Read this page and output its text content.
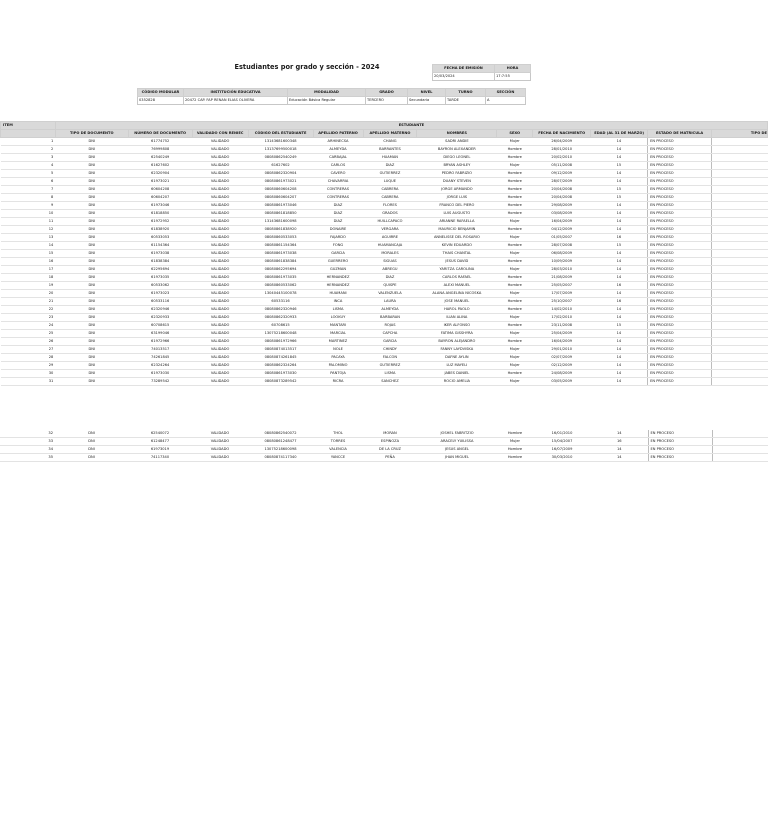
Estudiantes por grado y sección - 2024	FECHA DE EMISIÓN	HORA
20/03/2024	17:7:55
CÓDIGO MODULAR	INSTITUCIÓN EDUCATIVA	MODALIDAD	GRADO	NIVEL	TURNO	SECCIÓN
0352828	20472 CAP. FAP RENAN ELIAS OLIVERA	Educación Básica Regular	TERCERO	Secundaria	TARDE	A
ITEM	ESTUDIANTE											
	TIPO DE DOCUMENTO	NÚMERO DE DOCUMENTO	VALIDADO CON RENIEC	CÓDIGO DEL ESTUDIANTE	APELLIDO PATERNO	APELLIDO MATERNO	NOMBRES	SEXO	FECHA DE NACIMIENTO	EDAD (AL 31 DE MARZO)	ESTADO DE MATRICULA	TIPO DE
1	DNI	61774752	VALIDADO	13143681600348	ARHINECSA	CHANG	SADRI ANDIE	Mujer	26/04/2009	14	EN PROCESO	
2	DNI	76999808	VALIDADO	13137699500018	ALMEYDA	BARRANTES	BAYRON ALEXANDER	Hombre	28/01/2010	14	EN PROCESO	
3	DNI	62540249	VALIDADO	08080862540249	CARBAJAL	HUAMAN	DIEGO LEONEL	Hombre	20/02/2010	14	EN PROCESO	
4	DNI	61627602	VALIDADO	61627602	CARLOS	DIAZ	BRYAN ASHLEY	Mujer	05/11/2008	15	EN PROCESO	
5	DNI	62320904	VALIDADO	08080862320904	CAVERO	GUTIERREZ	PEDRO FABRIZIO	Hombre	09/12/2009	14	EN PROCESO	
6	DNI	61973021	VALIDADO	08080861973021	CHAVARRIA	LUQUE	DUANY STEVEN	Hombre	28/07/2009	14	EN PROCESO	
7	DNI	60604208	VALIDADO	08080860604208	CONTRERAS	CABRERA	JORGE ARMANDO	Hombre	20/04/2008	15	EN PROCESO	
8	DNI	60604207	VALIDADO	08080860604207	CONTRERAS	CABRERA	JORGE LUIS	Hombre	20/04/2008	15	EN PROCESO	
9	DNI	61973046	VALIDADO	08080861973046	DIAZ	FLORES	FRANCO DEL PIERO	Hombre	29/08/2009	14	EN PROCESO	
10	DNI	61818850	VALIDADO	08080861818850	DIAZ	GRADOS	LUIS AUGUSTO	Hombre	03/08/2009	14	EN PROCESO	
11	DNI	61972952	VALIDADO	13143681600098	DIAZ	HUILLCAPACO	ARIANNE RAFAELLA	Mujer	16/04/2009	14	EN PROCESO	
12	DNI	61838920	VALIDADO	08080861838920	DONAIRE	VERGARA	MAURICIO BENJAMIN	Hombre	04/12/2009	14	EN PROCESO	
13	DNI	60533053	VALIDADO	08080860533053	FAJARDO	AGUIRRE	ANNELISSE DEL ROSARIO	Mujer	01/05/2007	16	EN PROCESO	
14	DNI	61154364	VALIDADO	08080861154364	FONG	HUAMANCAJA	KEVIN EDUARDO	Hombre	28/07/2008	15	EN PROCESO	
15	DNI	61973038	VALIDADO	08080861973038	GARCIA	MORALES	THAIS CHANTAL	Mujer	06/08/2009	14	EN PROCESO	
16	DNI	61838384	VALIDADO	08080861838384	GUERRERO	SIGUAS	JESUS DAVID	Hombre	10/09/2009	14	EN PROCESO	
17	DNI	62295694	VALIDADO	08080862295694	GUZMAN	ABREGU	YARITZA CAROLINA	Mujer	28/03/2010	14	EN PROCESO	
18	DNI	61973035	VALIDADO	08080861973035	HERNANDEZ	DIAZ	CARLOS RAFAEL	Hombre	21/08/2009	14	EN PROCESO	
19	DNI	60533062	VALIDADO	08080860533062	HERNANDEZ	QUISPE	ALEXI MANUEL	Hombre	25/05/2007	16	EN PROCESO	
20	DNI	61973023	VALIDADO	13040445100078	HUAMANI	VALENZUELA	ALANA ANGELINA NICOSKA	Mujer	17/07/2009	14	EN PROCESO	
21	DNI	60533116	VALIDADO	60533116	INCA	LAURA	JOSE MANUEL	Hombre	25/10/2007	16	EN PROCESO	
22	DNI	62320946	VALIDADO	08080862320946	LISMA	ALMEYDA	HAROL PAOLO	Hombre	14/02/2010	14	EN PROCESO	
23	DNI	62320933	VALIDADO	08080862320933	LOOKUY	BARBARAN	ILIAN ALINA	Mujer	17/02/2010	14	EN PROCESO	
24	DNI	60708615	VALIDADO	60708615	MANTARI	ROJAS	IKER ALFONSO	Hombre	23/11/2008	15	EN PROCESO	
25	DNI	63199046	VALIDADO	13075218600048	MARCIAL	CAPCHA	FATIMA GISSHYRA	Mujer	25/04/2009	14	EN PROCESO	
26	DNI	61972966	VALIDADO	08080861972966	MARTINEZ	GARCIA	BAYRON ALEJANDRO	Hombre	16/04/2009	14	EN PROCESO	
27	DNI	74013517	VALIDADO	08080874013517	NOLE	CHINDY	FANNY LAYDVISKA	Mujer	29/01/2010	14	EN PROCESO	
28	DNI	74261845	VALIDADO	08080874261845	PACAYA	FALCON	DAFNE AYLIN	Mujer	02/07/2009	14	EN PROCESO	
29	DNI	62324264	VALIDADO	08080862324264	PALOMINO	GUTIERREZ	LUZ MAYELI	Mujer	02/12/2009	14	EN PROCESO	
30	DNI	61973030	VALIDADO	08080861973030	PANTOJA	LISMA	JABES DANIEL	Hombre	24/08/2009	14	EN PROCESO	
31	DNI	73289542	VALIDADO	08080873289542	RICRA	SANCHEZ	ROCIO AMELIA	Mujer	03/05/2009	14	EN PROCESO	
32	DNI	62540072	VALIDADO	08080862540072	THOL	MORAN	JOSHEL FABRITZIO	Hombre	16/01/2010	14	EN PROCESO	
33	DNI	61248477	VALIDADO	08080861248477	TORRES	ESPINOZA	ARACELY YUILISSA	Mujer	15/04/2007	16	EN PROCESO	
34	DNI	61973019	VALIDADO	13075218600098	VALENCIA	DE LA CRUZ	JESUS ANGEL	Hombre	16/07/2009	14	EN PROCESO	
35	DNI	74117340	VALIDADO	08080874117340	YANCCE	PEÑA	JHAN MIGUEL	Hombre	30/03/2010	14	EN PROCESO	
